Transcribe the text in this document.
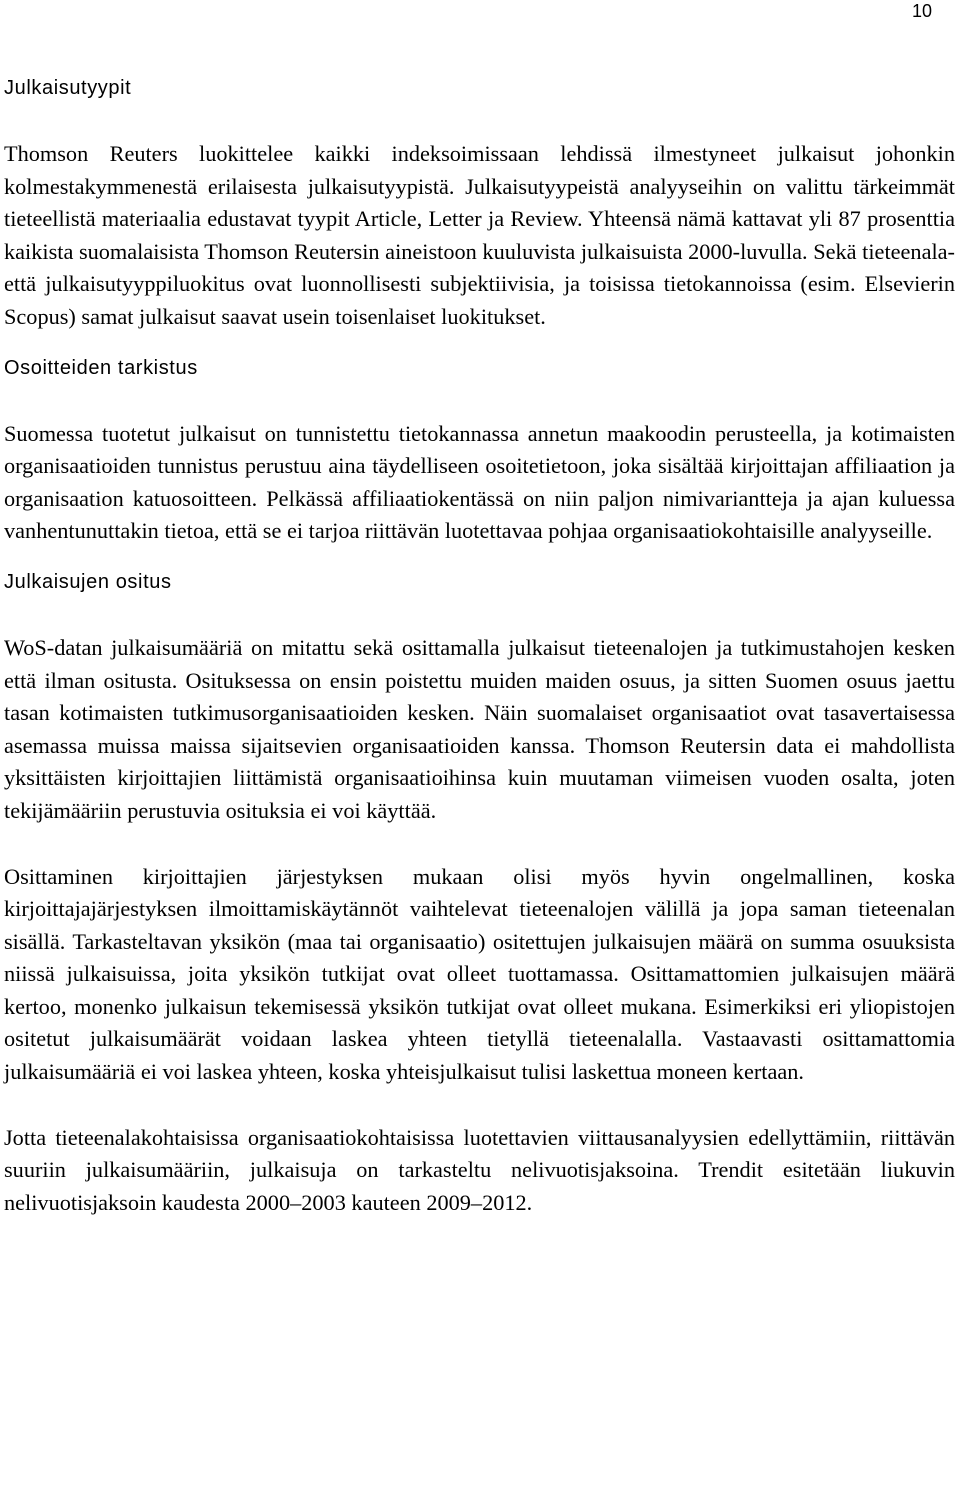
10
Julkaisutyypit

Thomson Reuters luokittelee kaikki indeksoimissaan lehdissä ilmestyneet julkaisut johonkin kolmestakymmenestä erilaisesta julkaisutyypistä. Julkaisutyypeistä analyyseihin on valittu tärkeimmät tieteellistä materiaalia edustavat tyypit Article, Letter ja Review. Yhteensä nämä kattavat yli 87 prosenttia kaikista suomalaisista Thomson Reutersin aineistoon kuuluvista julkaisuista 2000-luvulla. Sekä tieteenala- että julkaisutyyppiluokitus ovat luonnollisesti subjektiivisia, ja toisissa tietokannoissa (esim. Elsevierin Scopus) samat julkaisut saavat usein toisenlaiset luokitukset.

Osoitteiden tarkistus

Suomessa tuotetut julkaisut on tunnistettu tietokannassa annetun maakoodin perusteella, ja kotimaisten organisaatioiden tunnistus perustuu aina täydelliseen osoitetietoon, joka sisältää kirjoittajan affiliaation ja organisaation katuosoitteen. Pelkässä affiliaatiokentässä on niin paljon nimivariantteja ja ajan kuluessa vanhentunuttakin tietoa, että se ei tarjoa riittävän luotettavaa pohjaa organisaatiokohtaisille analyyseille.

Julkaisujen ositus

WoS-datan julkaisumääriä on mitattu sekä osittamalla julkaisut tieteenalojen ja tutkimustahojen kesken että ilman ositusta. Osituksessa on ensin poistettu muiden maiden osuus, ja sitten Suomen osuus jaettu tasan kotimaisten tutkimusorganisaatioiden kesken. Näin suomalaiset organisaatiot ovat tasavertaisessa asemassa muissa maissa sijaitsevien organisaatioiden kanssa. Thomson Reutersin data ei mahdollista yksittäisten kirjoittajien liittämistä organisaatioihinsa kuin muutaman viimeisen vuoden osalta, joten tekijämääriin perustuvia osituksia ei voi käyttää.

Osittaminen kirjoittajien järjestyksen mukaan olisi myös hyvin ongelmallinen, koska kirjoittajajärjestyksen ilmoittamiskäytännöt vaihtelevat tieteenalojen välillä ja jopa saman tieteenalan sisällä. Tarkasteltavan yksikön (maa tai organisaatio) ositettujen julkaisujen määrä on summa osuuksista niissä julkaisuissa, joita yksikön tutkijat ovat olleet tuottamassa. Osittamattomien julkaisujen määrä kertoo, monenko julkaisun tekemisessä yksikön tutkijat ovat olleet mukana. Esimerkiksi eri yliopistojen ositetut julkaisumäärät voidaan laskea yhteen tietyllä tieteenalalla. Vastaavasti osittamattomia julkaisumääriä ei voi laskea yhteen, koska yhteisjulkaisut tulisi laskettua moneen kertaan.

Jotta tieteenalakohtaisissa organisaatiokohtaisissa luotettavien viittausanalyysien edellyttämiin, riittävän suuriin julkaisumääriin, julkaisuja on tarkasteltu nelivuotisjaksoina. Trendit esitetään liukuvin nelivuotisjaksoin kaudesta 2000–2003 kauteen 2009–2012.
